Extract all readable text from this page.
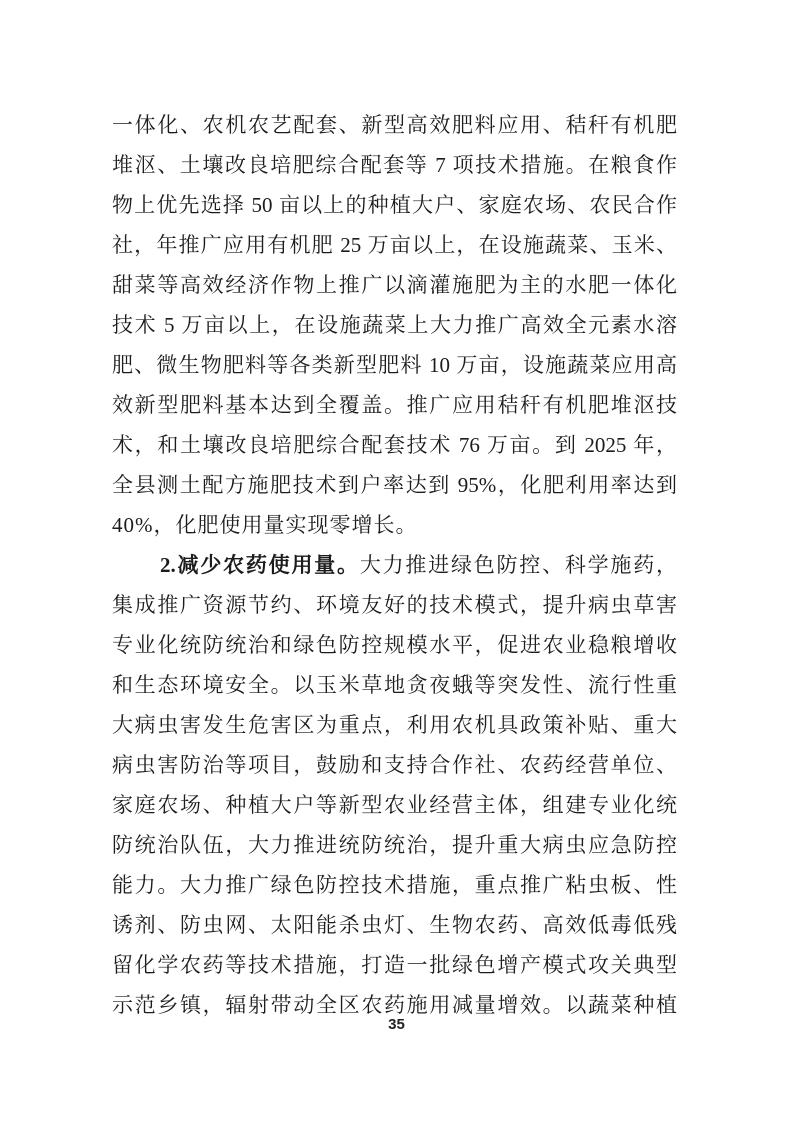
一体化、农机农艺配套、新型高效肥料应用、秸秆有机肥
堆沤、土壤改良培肥综合配套等 7 项技术措施。在粮食作
物上优先选择 50 亩以上的种植大户、家庭农场、农民合作
社，年推广应用有机肥 25 万亩以上，在设施蔬菜、玉米、
甜菜等高效经济作物上推广以滴灌施肥为主的水肥一体化
技术 5 万亩以上，在设施蔬菜上大力推广高效全元素水溶
肥、微生物肥料等各类新型肥料 10 万亩，设施蔬菜应用高
效新型肥料基本达到全覆盖。推广应用秸秆有机肥堆沤技
术，和土壤改良培肥综合配套技术 76 万亩。到 2025 年，
全县测土配方施肥技术到户率达到 95%，化肥利用率达到
40%，化肥使用量实现零增长。
2.减少农药使用量。大力推进绿色防控、科学施药，
集成推广资源节约、环境友好的技术模式，提升病虫草害
专业化统防统治和绿色防控规模水平，促进农业稳粮增收
和生态环境安全。以玉米草地贪夜蛾等突发性、流行性重
大病虫害发生危害区为重点，利用农机具政策补贴、重大
病虫害防治等项目，鼓励和支持合作社、农药经营单位、
家庭农场、种植大户等新型农业经营主体，组建专业化统
防统治队伍，大力推进统防统治，提升重大病虫应急防控
能力。大力推广绿色防控技术措施，重点推广粘虫板、性
诱剂、防虫网、太阳能杀虫灯、生物农药、高效低毒低残
留化学农药等技术措施，打造一批绿色增产模式攻关典型
示范乡镇，辐射带动全区农药施用减量增效。以蔬菜种植
35
